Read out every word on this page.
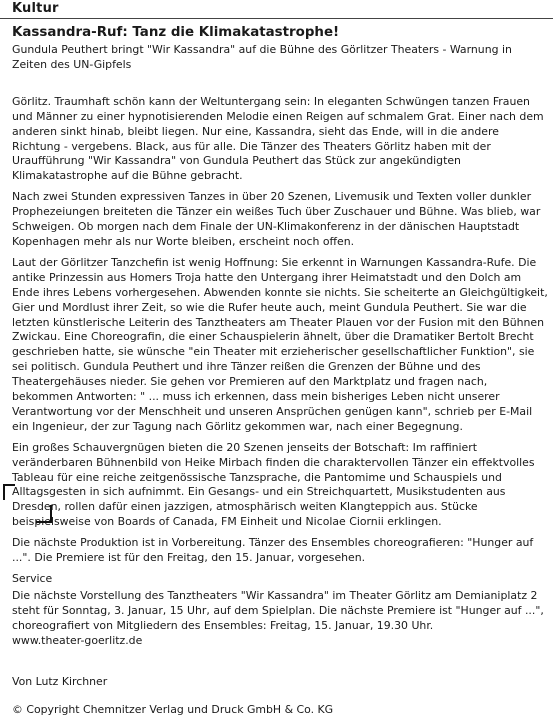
Kultur
Kassandra-Ruf: Tanz die Klimakatastrophe!

Gundula Peuthert bringt "Wir Kassandra" auf die Bühne des Görlitzer Theaters - Warnung in Zeiten des UN-Gipfels

Görlitz. Traumhaft schön kann der Weltuntergang sein: In eleganten Schwüngen tanzen Frauen und Männer zu einer hypnotisierenden Melodie einen Reigen auf schmalem Grat. Einer nach dem anderen sinkt hinab, bleibt liegen. Nur eine, Kassandra, sieht das Ende, will in die andere Richtung - vergebens. Black, aus für alle. Die Tänzer des Theaters Görlitz haben mit der Uraufführung "Wir Kassandra" von Gundula Peuthert das Stück zur angekündigten Klimakatastrophe auf die Bühne gebracht.

Nach zwei Stunden expressiven Tanzes in über 20 Szenen, Livemusik und Texten voller dunkler Prophezeiungen breiteten die Tänzer ein weißes Tuch über Zuschauer und Bühne. Was blieb, war Schweigen. Ob morgen nach dem Finale der UN-Klimakonferenz in der dänischen Hauptstadt Kopenhagen mehr als nur Worte bleiben, erscheint noch offen.

Laut der Görlitzer Tanzchefin ist wenig Hoffnung: Sie erkennt in Warnungen Kassandra-Rufe. Die antike Prinzessin aus Homers Troja hatte den Untergang ihrer Heimatstadt und den Dolch am Ende ihres Lebens vorhergesehen. Abwenden konnte sie nichts. Sie scheiterte an Gleichgültigkeit, Gier und Mordlust ihrer Zeit, so wie die Rufer heute auch, meint Gundula Peuthert. Sie war die letzten künstlerische Leiterin des Tanztheaters am Theater Plauen vor der Fusion mit den Bühnen Zwickau. Eine Choreografin, die einer Schauspielerin ähnelt, über die Dramatiker Bertolt Brecht geschrieben hatte, sie wünsche "ein Theater mit erzieherischer gesellschaftlicher Funktion", sie sei politisch. Gundula Peuthert und ihre Tänzer reißen die Grenzen der Bühne und des Theatergehäuses nieder. Sie gehen vor Premieren auf den Marktplatz und fragen nach, bekommen Antworten: " ... muss ich erkennen, dass mein bisheriges Leben nicht unserer Verantwortung vor der Menschheit und unseren Ansprüchen genügen kann", schrieb per E-Mail ein Ingenieur, der zur Tagung nach Görlitz gekommen war, nach einer Begegnung.

Ein großes Schauvergnügen bieten die 20 Szenen jenseits der Botschaft: Im raffiniert veränderbaren Bühnenbild von Heike Mirbach finden die charaktervollen Tänzer ein effektvolles Tableau für eine reiche zeitgenössische Tanzsprache, die Pantomime und Schauspiels und Alltagsgesten in sich aufnimmt. Ein Gesangs- und ein Streichquartett, Musikstudenten aus Dresden, rollen dafür einen jazzigen, atmosphärisch weiten Klangteppich aus. Stücke beispielsweise von Boards of Canada, FM Einheit und Nicolae Ciornii erklingen.

Die nächste Produktion ist in Vorbereitung. Tänzer des Ensembles choreografieren: "Hunger auf ...". Die Premiere ist für den Freitag, den 15. Januar, vorgesehen.

Service

Die nächste Vorstellung des Tanztheaters "Wir Kassandra" im Theater Görlitz am Demianiplatz 2 steht für Sonntag, 3. Januar, 15 Uhr, auf dem Spielplan. Die nächste Premiere ist "Hunger auf ...", choreografiert von Mitgliedern des Ensembles: Freitag, 15. Januar, 19.30 Uhr.

www.theater-goerlitz.de

Von Lutz Kirchner

© Copyright Chemnitzer Verlag und Druck GmbH & Co. KG
